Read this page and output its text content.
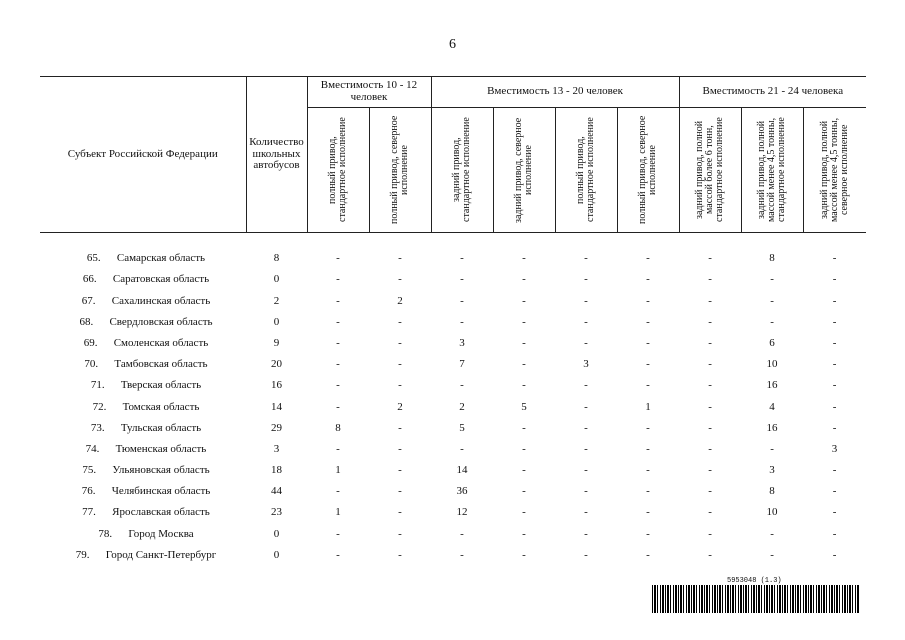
6
Субъект Российской Федерации	Количество школьных автобусов	Вместимость 10 - 12 человек		Вместимость 13 - 20 человек				Вместимость 21 - 24 человека		

		полный привод, стандартное исполнение	полный привод, северное исполнение	задний привод, стандартное исполнение	задний привод, северное исполнение	полный привод, стандартное исполнение	полный привод, северное исполнение	задний привод, полной массой более 6 тонн, стандартное исполнение	задний привод, полной массой менее 4,5 тонны, стандартное исполнение	задний привод, полной массой менее 4,5 тонны, северное исполнение

65. Самарская область	8	-	-	-	-	-	-	-	8	-
66. Саратовская область	0	-	-	-	-	-	-	-	-	-
67. Сахалинская область	2	-	2	-	-	-	-	-	-	-
68. Свердловская область	0	-	-	-	-	-	-	-	-	-
69. Смоленская область	9	-	-	3	-	-	-	-	6	-
70. Тамбовская область	20	-	-	7	-	3	-	-	10	-
71. Тверская область	16	-	-	-	-	-	-	-	16	-
72. Томская область	14	-	2	2	5	-	1	-	4	-
73. Тульская область	29	8	-	5	-	-	-	-	16	-
74. Тюменская область	3	-	-	-	-	-	-	-	-	3
75. Ульяновская область	18	1	-	14	-	-	-	-	3	-
76. Челябинская область	44	-	-	36	-	-	-	-	8	-
77. Ярославская область	23	1	-	12	-	-	-	-	10	-
78. Город Москва	0	-	-	-	-	-	-	-	-	-
79. Город Санкт-Петербург	0	-	-	-	-	-	-	-	-	-
5953048 (1.3)
